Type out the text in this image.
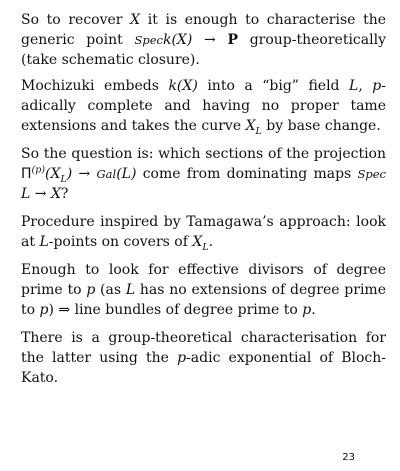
So to recover X it is enough to characterise the generic point Speck(X) → P group-theoretically (take schematic closure).

Mochizuki embeds k(X) into a “big” field L, p-adically complete and having no proper tame extensions and takes the curve $X_L$ by base change.

So the question is: which sections of the projection $\Pi^{(p)}(X_L) \to Gal(L)$ come from dominating maps Spec L → X?

Procedure inspired by Tamagawa’s approach: look at L-points on covers of $X_L$.

Enough to look for effective divisors of degree prime to p (as L has no extensions of degree prime to p) ⇒ line bundles of degree prime to p.

There is a group-theoretical characterisation for the latter using the p-adic exponential of Bloch-Kato.

23
